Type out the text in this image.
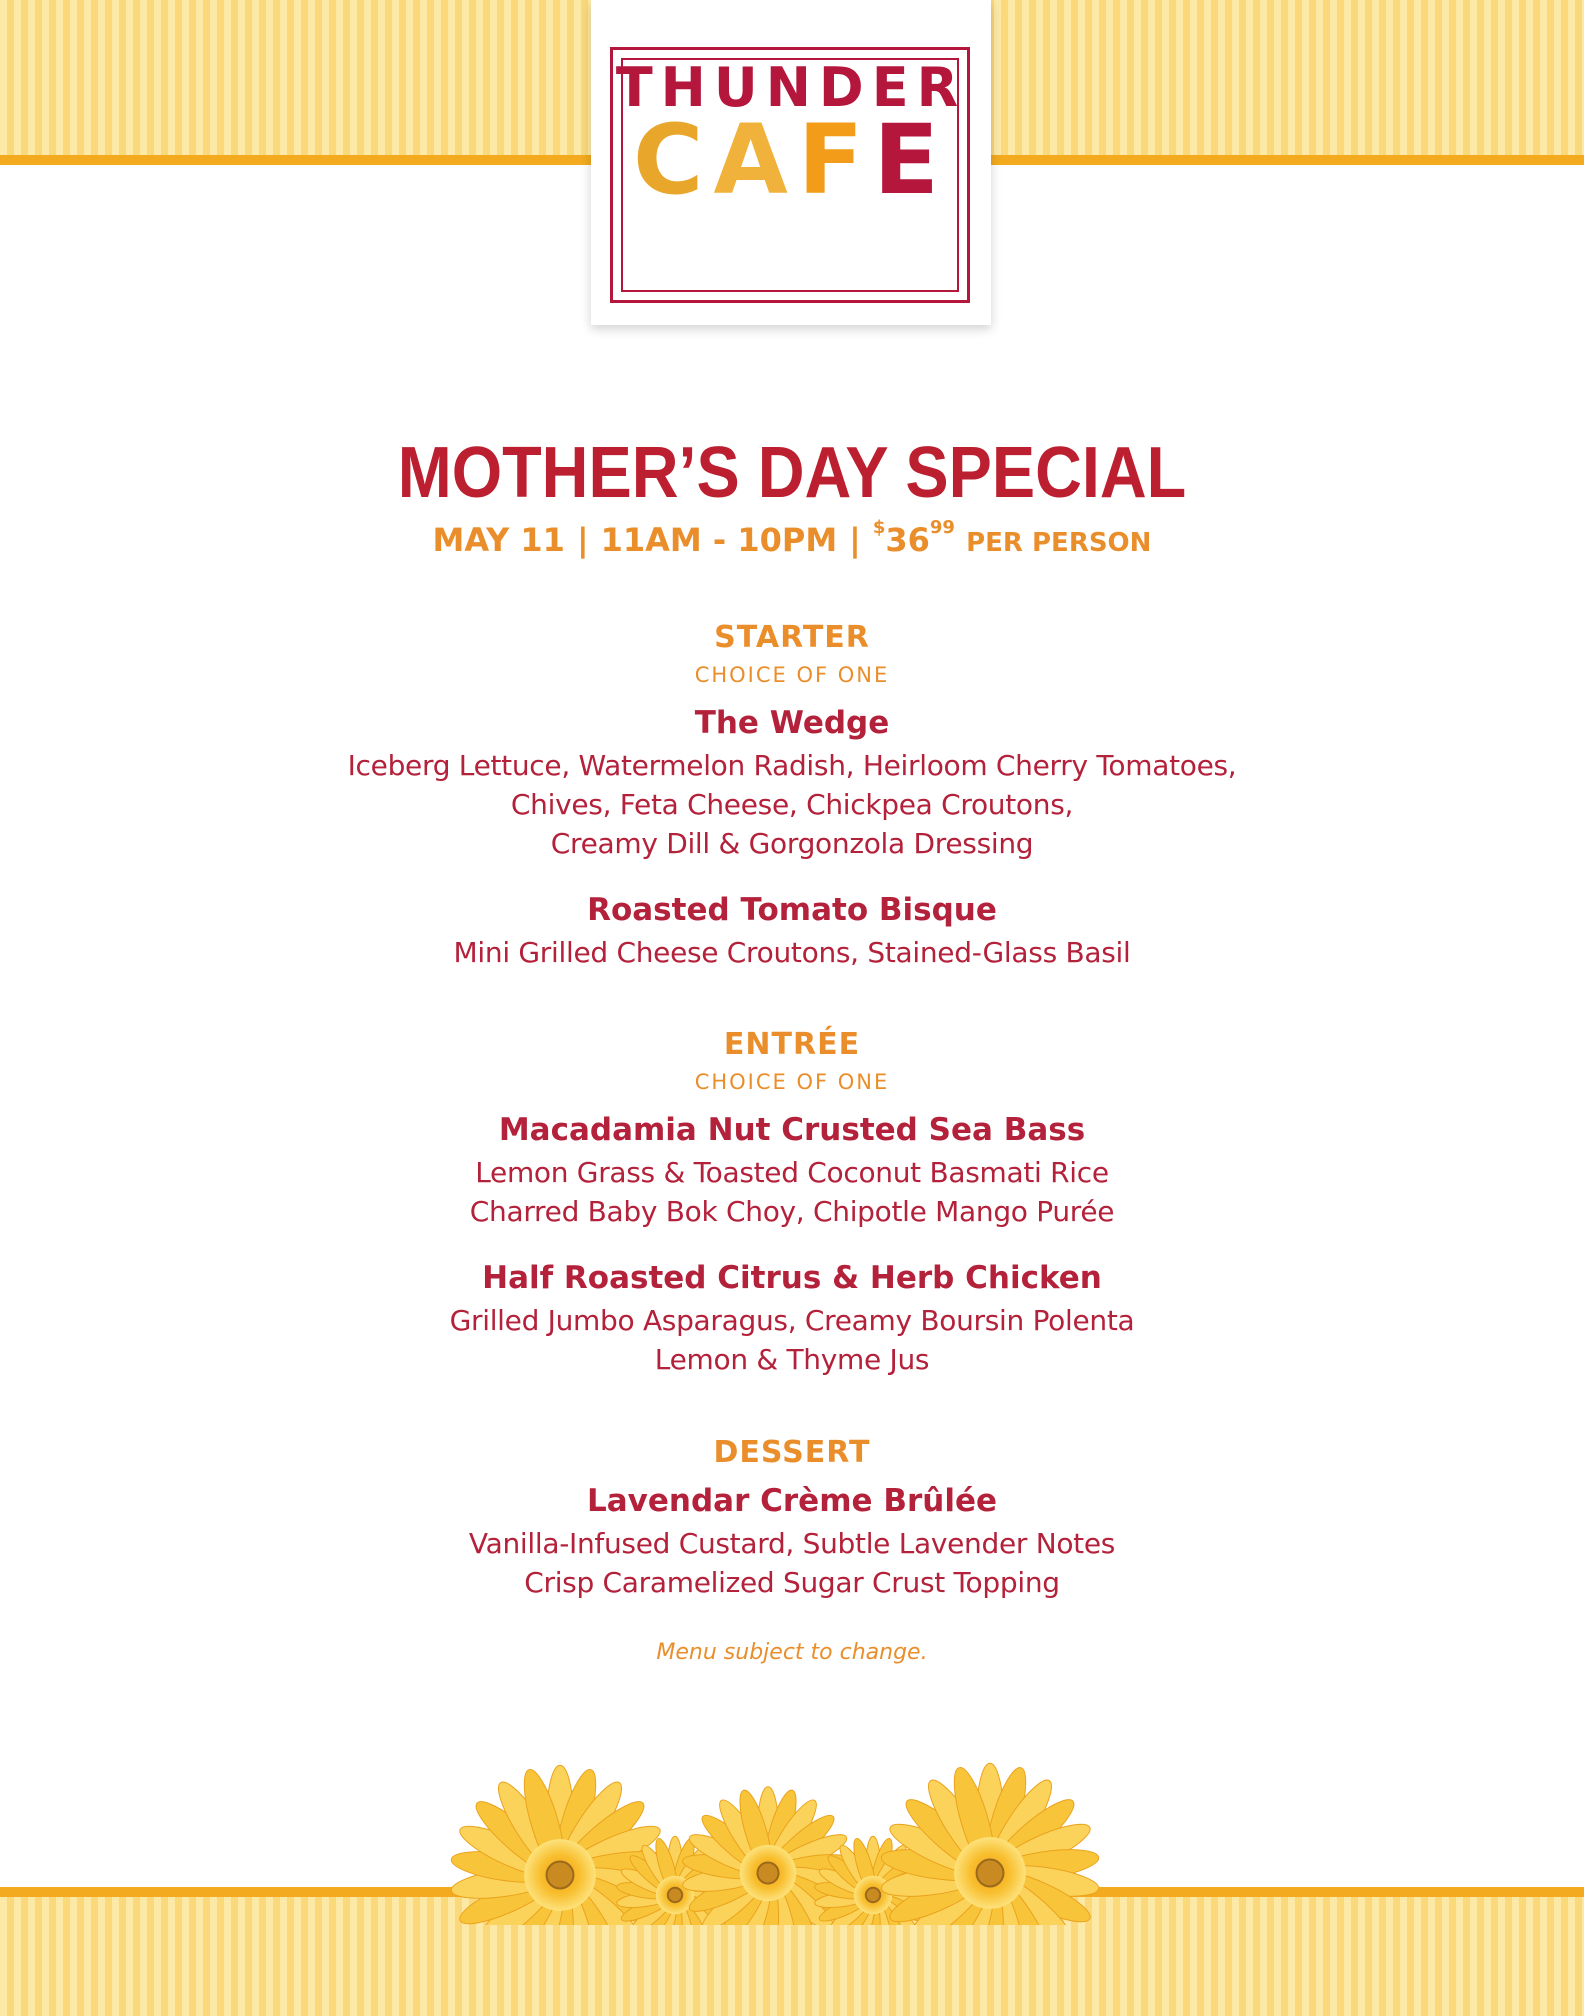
THUNDER
CAFE
MOTHER’S DAY SPECIAL
MAY 11 | 11AM - 10PM | $^{\$}36^{99}$ PER PERSON
STARTER
CHOICE OF ONE
The Wedge
Iceberg Lettuce, Watermelon Radish, Heirloom Cherry Tomatoes,
Chives, Feta Cheese, Chickpea Croutons,
Creamy Dill & Gorgonzola Dressing
Roasted Tomato Bisque
Mini Grilled Cheese Croutons, Stained-Glass Basil
ENTRÉE
CHOICE OF ONE
Macadamia Nut Crusted Sea Bass
Lemon Grass & Toasted Coconut Basmati Rice
Charred Baby Bok Choy, Chipotle Mango Purée
Half Roasted Citrus & Herb Chicken
Grilled Jumbo Asparagus, Creamy Boursin Polenta
Lemon & Thyme Jus
DESSERT
Lavendar Crème Brûlée
Vanilla-Infused Custard, Subtle Lavender Notes
Crisp Caramelized Sugar Crust Topping
Menu subject to change.
